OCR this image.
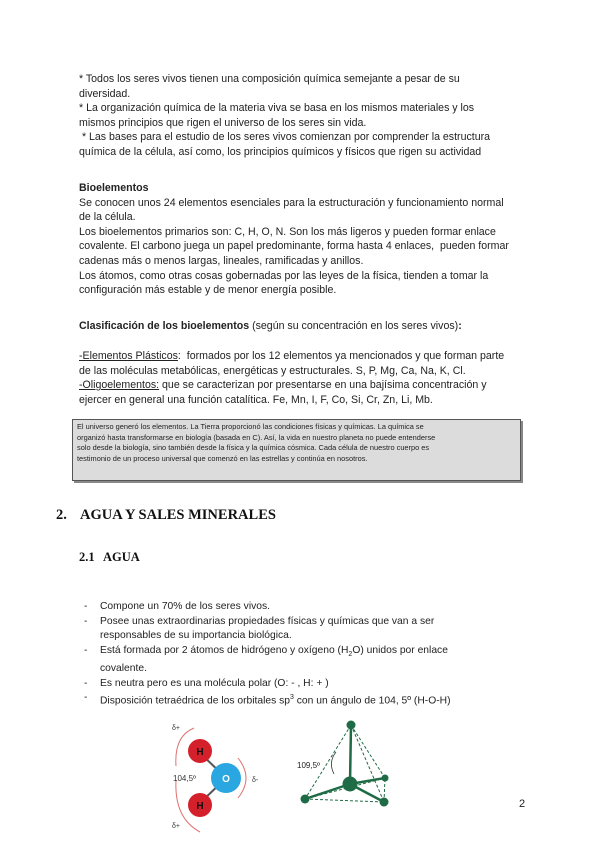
* Todos los seres vivos tienen una composición química semejante a pesar de su
diversidad.
* La organización química de la materia viva se basa en los mismos materiales y los
mismos principios que rigen el universo de los seres sin vida.
* Las bases para el estudio de los seres vivos comienzan por comprender la estructura
química de la célula, así como, los principios químicos y físicos que rigen su actividad
Bioelementos
Se conocen unos 24 elementos esenciales para la estructuración y funcionamiento normal
de la célula.
Los bioelementos primarios son: C, H, O, N. Son los más ligeros y pueden formar enlace
covalente. El carbono juega un papel predominante, forma hasta 4 enlaces,  pueden formar
cadenas más o menos largas, lineales, ramificadas y anillos.
Los átomos, como otras cosas gobernadas por las leyes de la física, tienden a tomar la
configuración más estable y de menor energía posible.
Clasificación de los bioelementos (según su concentración en los seres vivos):
-Elementos Plásticos:  formados por los 12 elementos ya mencionados y que forman parte
de las moléculas metabólicas, energéticas y estructurales. S, P, Mg, Ca, Na, K, Cl.
-Oligoelementos: que se caracterizan por presentarse en una bajísima concentración y
ejercer en general una función catalítica. Fe, Mn, I, F, Co, Si, Cr, Zn, Li, Mb.
El universo generó los elementos. La Tierra proporcionó las condiciones físicas y químicas. La química se
organizó hasta transformarse en biología (basada en C). Así, la vida en nuestro planeta no puede entenderse
solo desde la biología, sino también desde la física y la química cósmica. Cada célula de nuestro cuerpo es
testimonio de un proceso universal que comenzó en las estrellas y continúa en nosotros.
2. AGUA Y SALES MINERALES
2.1 AGUA
-	Compone un 70% de los seres vivos.
-	Posee unas extraordinarias propiedades físicas y químicas que van a ser
responsables de su importancia biológica.
-	Está formada por 2 átomos de hidrógeno y oxígeno $(H_2O)$ unidos por enlace
covalente.
-	Es neutra pero es una molécula polar (O: - , H: + )
-	Disposición tetraédrica de los orbitales $sp^3$ con un ángulo de 104, 5º (H-O-H)
H
H
O
104,5º
δ+
δ+
δ-
109,5º
2
